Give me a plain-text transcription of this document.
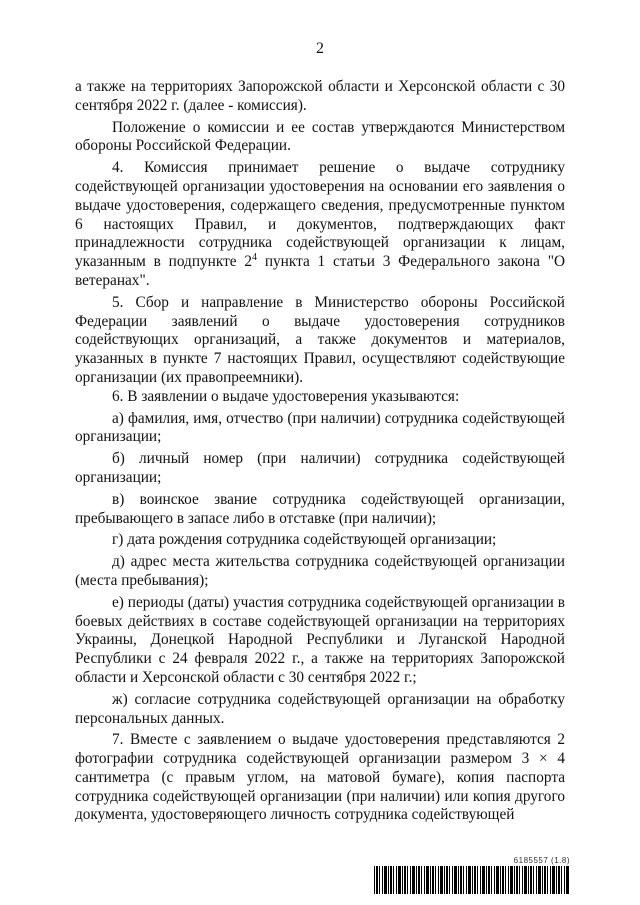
2

а также на территориях Запорожской области и Херсонской области с 30 сентября 2022 г. (далее - комиссия).

Положение о комиссии и ее состав утверждаются Министерством обороны Российской Федерации.

4. Комиссия принимает решение о выдаче сотруднику содействующей организации удостоверения на основании его заявления о выдаче удостоверения, содержащего сведения, предусмотренные пунктом 6 настоящих Правил, и документов, подтверждающих факт принадлежности сотрудника содействующей организации к лицам, указанным в подпункте $2^4$ пункта 1 статьи 3 Федерального закона "О ветеранах".

5. Сбор и направление в Министерство обороны Российской Федерации заявлений о выдаче удостоверения сотрудников содействующих организаций, а также документов и материалов, указанных в пункте 7 настоящих Правил, осуществляют содействующие организации (их правопреемники).

6. В заявлении о выдаче удостоверения указываются:

а) фамилия, имя, отчество (при наличии) сотрудника содействующей организации;

б) личный номер (при наличии) сотрудника содействующей организации;

в) воинское звание сотрудника содействующей организации, пребывающего в запасе либо в отставке (при наличии);

г) дата рождения сотрудника содействующей организации;

д) адрес места жительства сотрудника содействующей организации (места пребывания);

е) периоды (даты) участия сотрудника содействующей организации в боевых действиях в составе содействующей организации на территориях Украины, Донецкой Народной Республики и Луганской Народной Республики с 24 февраля 2022 г., а также на территориях Запорожской области и Херсонской области с 30 сентября 2022 г.;

ж) согласие сотрудника содействующей организации на обработку персональных данных.

7. Вместе с заявлением о выдаче удостоверения представляются 2 фотографии сотрудника содействующей организации размером 3 × 4 сантиметра (с правым углом, на матовой бумаге), копия паспорта сотрудника содействующей организации (при наличии) или копия другого документа, удостоверяющего личность сотрудника содействующей

6185557 (1.8)
